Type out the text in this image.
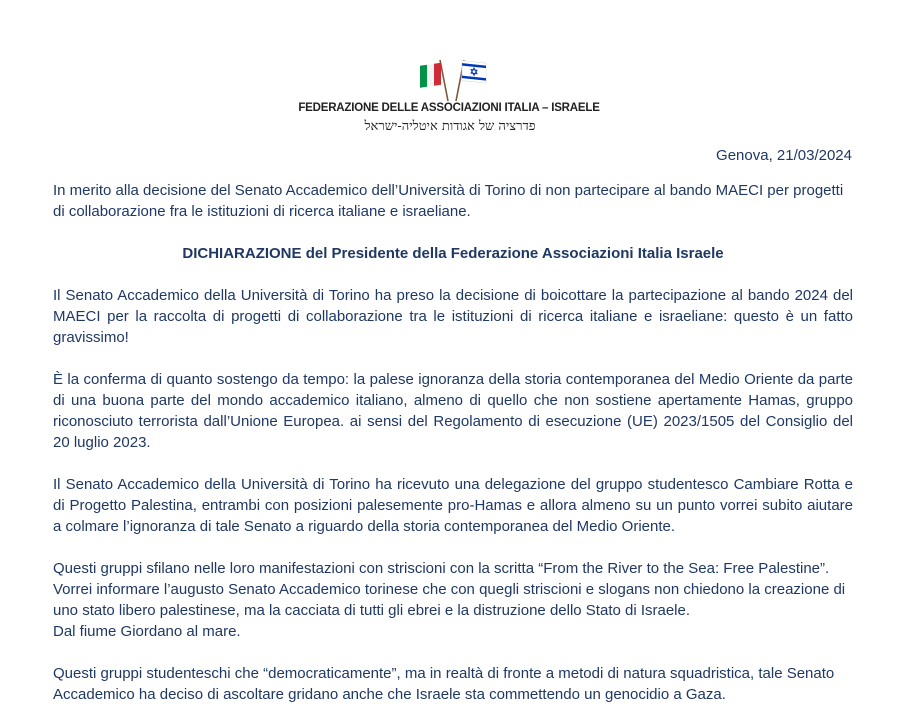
FEDERAZIONE DELLE ASSOCIAZIONI ITALIA – ISRAELE
פדרציה של אגודות איטליה-ישראל
Genova, 21/03/2024

In merito alla decisione del Senato Accademico dell’Università di Torino di non partecipare al bando MAECI per progetti di collaborazione fra le istituzioni di ricerca italiane e israeliane.

DICHIARAZIONE del Presidente della Federazione Associazioni Italia Israele

Il Senato Accademico della Università di Torino ha preso la decisione di boicottare la partecipazione al bando 2024 del MAECI per la raccolta di progetti di collaborazione tra le istituzioni di ricerca italiane e israeliane: questo è un fatto gravissimo!

È la conferma di quanto sostengo da tempo: la palese ignoranza della storia contemporanea del Medio Oriente da parte di una buona parte del mondo accademico italiano, almeno di quello che non sostiene apertamente Hamas, gruppo riconosciuto terrorista dall’Unione Europea. ai sensi del Regolamento di esecuzione (UE) 2023/1505 del Consiglio del 20 luglio 2023.

Il Senato Accademico della Università di Torino ha ricevuto una delegazione del gruppo studentesco Cambiare Rotta e di Progetto Palestina, entrambi con posizioni palesemente pro-Hamas e allora almeno su un punto vorrei subito aiutare a colmare l’ignoranza di tale Senato a riguardo della storia contemporanea del Medio Oriente.

Questi gruppi sfilano nelle loro manifestazioni con striscioni con la scritta “From the River to the Sea: Free Palestine”. Vorrei informare l’augusto Senato Accademico torinese che con quegli striscioni e slogans non chiedono la creazione di uno stato libero palestinese, ma la cacciata di tutti gli ebrei e la distruzione dello Stato di Israele.

Dal fiume Giordano al mare.

Questi gruppi studenteschi che “democraticamente”, ma in realtà di fronte a metodi di natura squadristica, tale Senato Accademico ha deciso di ascoltare gridano anche che Israele sta commettendo un genocidio a Gaza.
